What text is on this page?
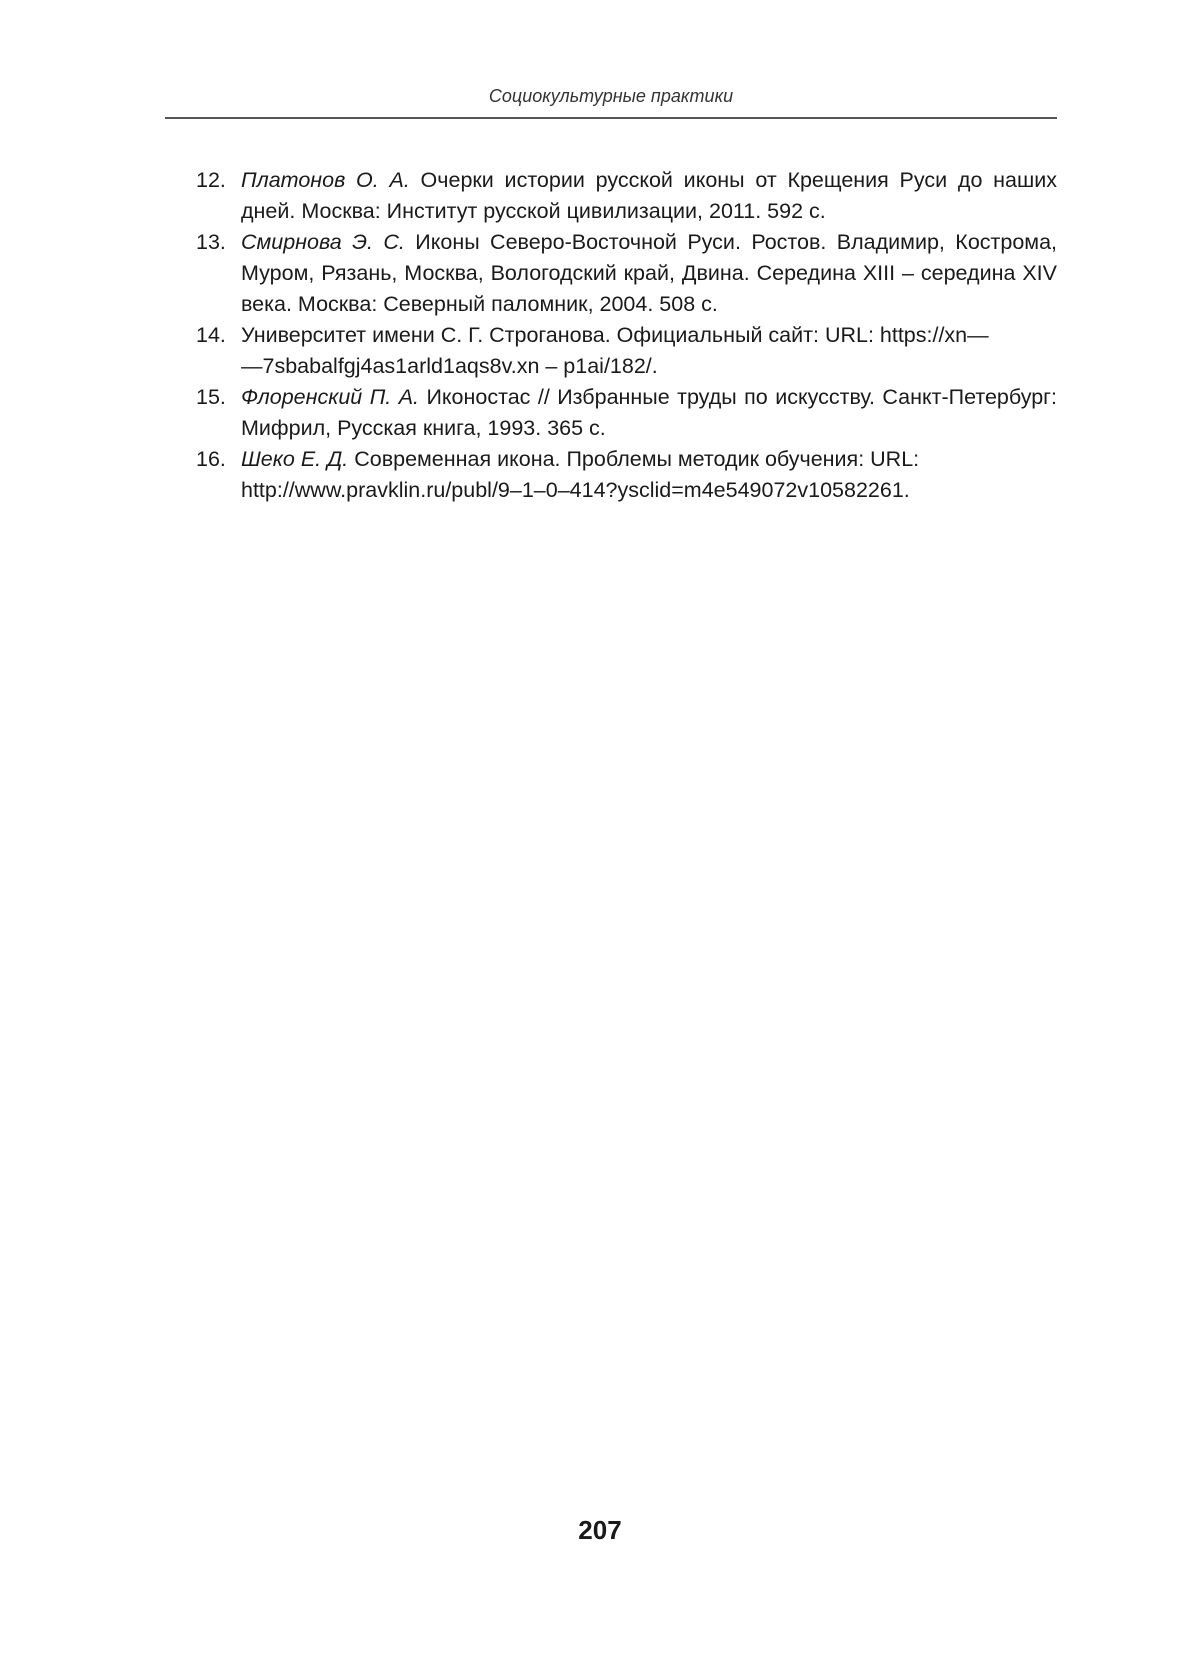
Социокультурные практики
12. Платонов О. А. Очерки истории русской иконы от Крещения Руси до наших дней. Москва: Институт русской цивилизации, 2011. 592 с.
13. Смирнова Э. С. Иконы Северо-Восточной Руси. Ростов. Владимир, Кострома, Муром, Рязань, Москва, Вологодский край, Двина. Середина XIII – середина XIV века. Москва: Северный паломник, 2004. 508 с.
14. Университет имени С. Г. Строганова. Официальный сайт: URL: https://xn—
—7sbabalfgj4as1arld1aqs8v.xn – p1ai/182/.
15. Флоренский П. А. Иконостас // Избранные труды по искусству. Санкт-Петербург: Мифрил, Русская книга, 1993. 365 с.
16. Шеко Е. Д. Современная икона. Проблемы методик обучения: URL:
http://www.pravklin.ru/publ/9–1–0–414?ysclid=m4e549072v10582261.
207
